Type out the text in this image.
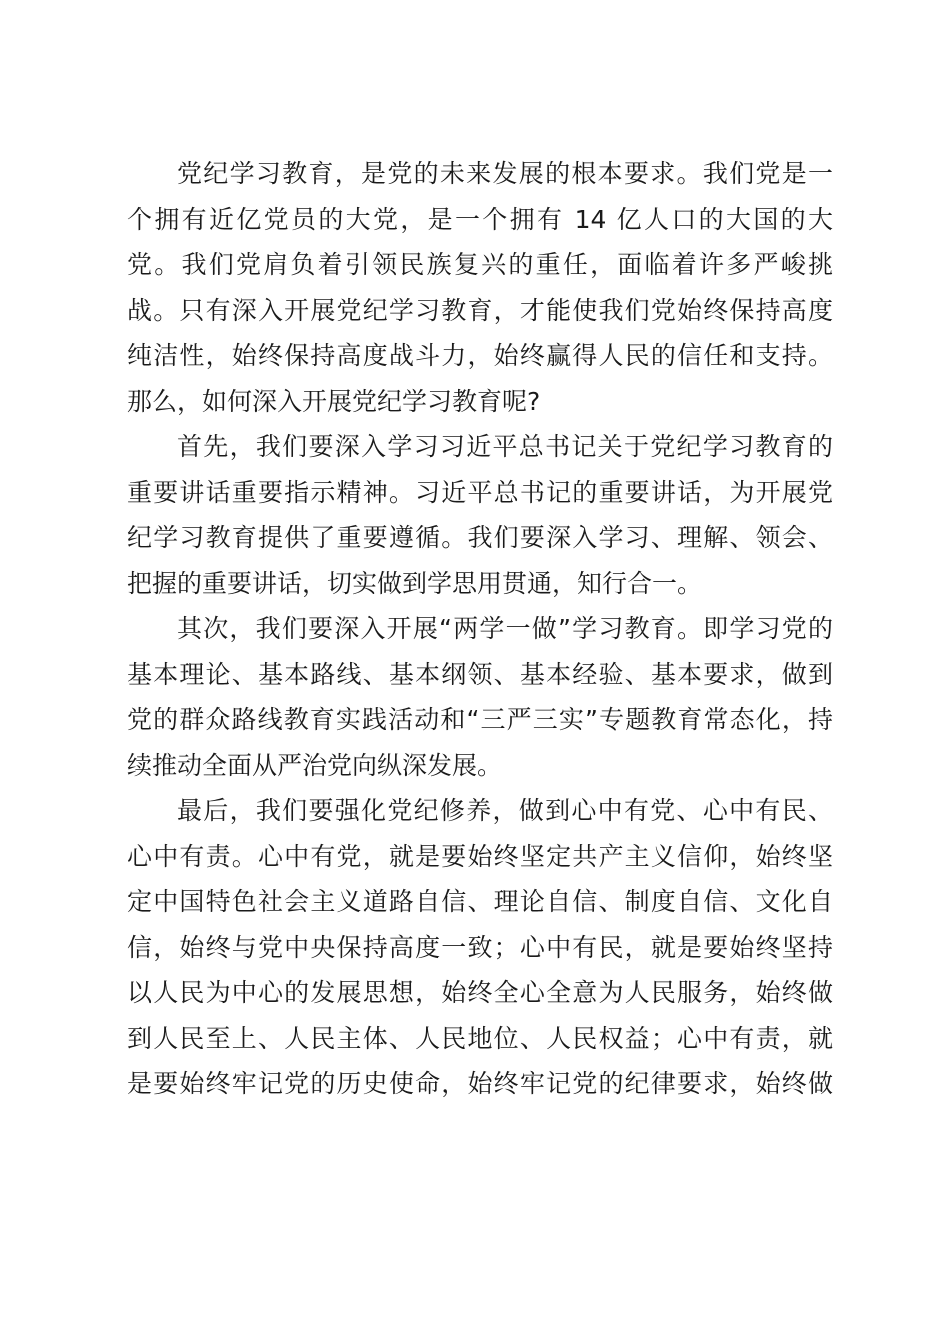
党纪学习教育，是党的未来发展的根本要求。我们党是一
个拥有近亿党员的大党，是一个拥有 14 亿人口的大国的大
党。我们党肩负着引领民族复兴的重任，面临着许多严峻挑
战。只有深入开展党纪学习教育，才能使我们党始终保持高度
纯洁性，始终保持高度战斗力，始终赢得人民的信任和支持。
那么，如何深入开展党纪学习教育呢?
首先，我们要深入学习习近平总书记关于党纪学习教育的
重要讲话重要指示精神。习近平总书记的重要讲话，为开展党
纪学习教育提供了重要遵循。我们要深入学习、理解、领会、
把握的重要讲话，切实做到学思用贯通，知行合一。
其次，我们要深入开展“两学一做”学习教育。即学习党的
基本理论、基本路线、基本纲领、基本经验、基本要求，做到
党的群众路线教育实践活动和“三严三实”专题教育常态化，持
续推动全面从严治党向纵深发展。
最后，我们要强化党纪修养，做到心中有党、心中有民、
心中有责。心中有党，就是要始终坚定共产主义信仰，始终坚
定中国特色社会主义道路自信、理论自信、制度自信、文化自
信，始终与党中央保持高度一致；心中有民，就是要始终坚持
以人民为中心的发展思想，始终全心全意为人民服务，始终做
到人民至上、人民主体、人民地位、人民权益；心中有责，就
是要始终牢记党的历史使命，始终牢记党的纪律要求，始终做
